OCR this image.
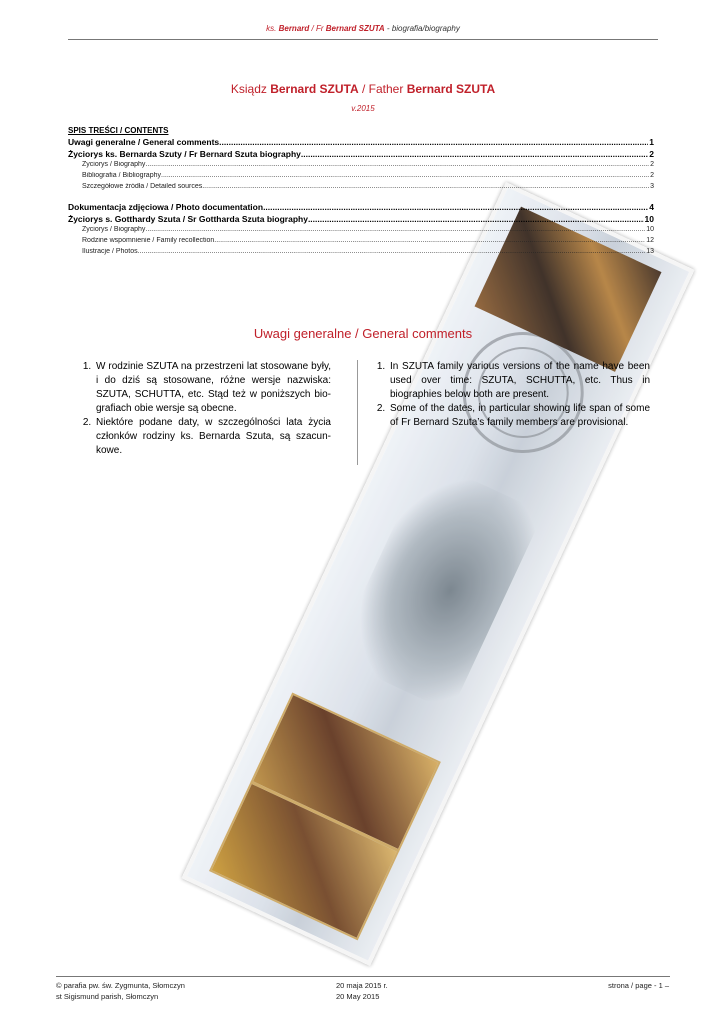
ks. Bernard / Fr Bernard SZUTA - biografia/biography
Ksiądz Bernard SZUTA / Father Bernard SZUTA
v.2015
SPIS TREŚCI / CONTENTS
Uwagi generalne / General comments .....	1
Życiorys ks. Bernarda Szuty / Fr Bernard Szuta biography .....	2
Życiorys / Biography .....	2
Bibliografia / Bibliography .....	2
Szczegółowe źródła / Detailed sources .....	3
Dokumentacja zdjęciowa / Photo documentation .....	4
Życiorys s. Gotthardy Szuta / Sr Gottharda Szuta biography .....	10
Życiorys / Biography .....	10
Rodzine wspomnienie / Family recollection .....	12
Ilustracje / Photos .....	13
Uwagi generalne / General comments
1. W rodzinie SZUTA na przestrzeni lat stosowane były, i do dziś są stosowane, różne wersje nazwiska: SZUTA, SCHUTTA, etc. Stąd też w poniższych bio-grafiach obie wersje są obecne.
2. Niektóre podane daty, w szczególności lata życia członków rodziny ks. Bernarda Szuta, są szacun-kowe.
1. In SZUTA family various versions of the name have been used over time: SZUTA, SCHUTTA, etc. Thus in biographies below both are present.
2. Some of the dates, in particular showing life span of some of Fr Bernard Szuta’s family members are provisional.
© parafia pw. św. Zygmunta, Słomczyn
st Sigismund parish, Słomczyn
20 maja 2015 r.
20 May 2015
strona / page - 1 –
